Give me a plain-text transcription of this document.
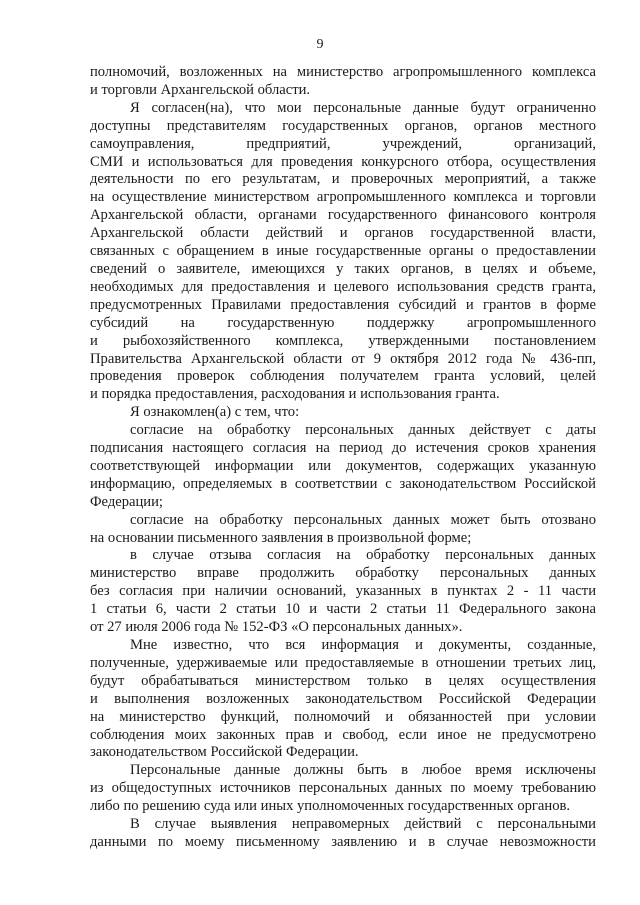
9

полномочий, возложенных на министерство агропромышленного комплекса

и торговли Архангельской области.

Я согласен(на), что мои персональные данные будут ограниченно

доступны представителям государственных органов, органов местного

самоуправления, предприятий, учреждений, организаций,

СМИ и использоваться для проведения конкурсного отбора, осуществления

деятельности по его результатам, и проверочных мероприятий, а также

на осуществление министерством агропромышленного комплекса и торговли

Архангельской области, органами государственного финансового контроля

Архангельской области действий и органов государственной власти,

связанных с обращением в иные государственные органы о предоставлении

сведений о заявителе, имеющихся у таких органов, в целях и объеме,

необходимых для предоставления и целевого использования средств гранта,

предусмотренных Правилами предоставления субсидий и грантов в форме

субсидий на государственную поддержку агропромышленного

и рыбохозяйственного комплекса, утвержденными постановлением

Правительства Архангельской области от 9 октября 2012 года № 436-пп,

проведения проверок соблюдения получателем гранта условий, целей

и порядка предоставления, расходования и использования гранта.

Я ознакомлен(а) с тем, что:

согласие на обработку персональных данных действует с даты

подписания настоящего согласия на период до истечения сроков хранения

соответствующей информации или документов, содержащих указанную

информацию, определяемых в соответствии с законодательством Российской

Федерации;

согласие на обработку персональных данных может быть отозвано

на основании письменного заявления в произвольной форме;

в случае отзыва согласия на обработку персональных данных

министерство вправе продолжить обработку персональных данных

без согласия при наличии оснований, указанных в пунктах 2 - 11 части

1 статьи 6, части 2 статьи 10 и части 2 статьи 11 Федерального закона

от 27 июля 2006 года № 152-ФЗ «О персональных данных».

Мне известно, что вся информация и документы, созданные,

полученные, удерживаемые или предоставляемые в отношении третьих лиц,

будут обрабатываться министерством только в целях осуществления

и выполнения возложенных законодательством Российской Федерации

на министерство функций, полномочий и обязанностей при условии

соблюдения моих законных прав и свобод, если иное не предусмотрено

законодательством Российской Федерации.

Персональные данные должны быть в любое время исключены

из общедоступных источников персональных данных по моему требованию

либо по решению суда или иных уполномоченных государственных органов.

В случае выявления неправомерных действий с персональными

данными по моему письменному заявлению и в случае невозможности
